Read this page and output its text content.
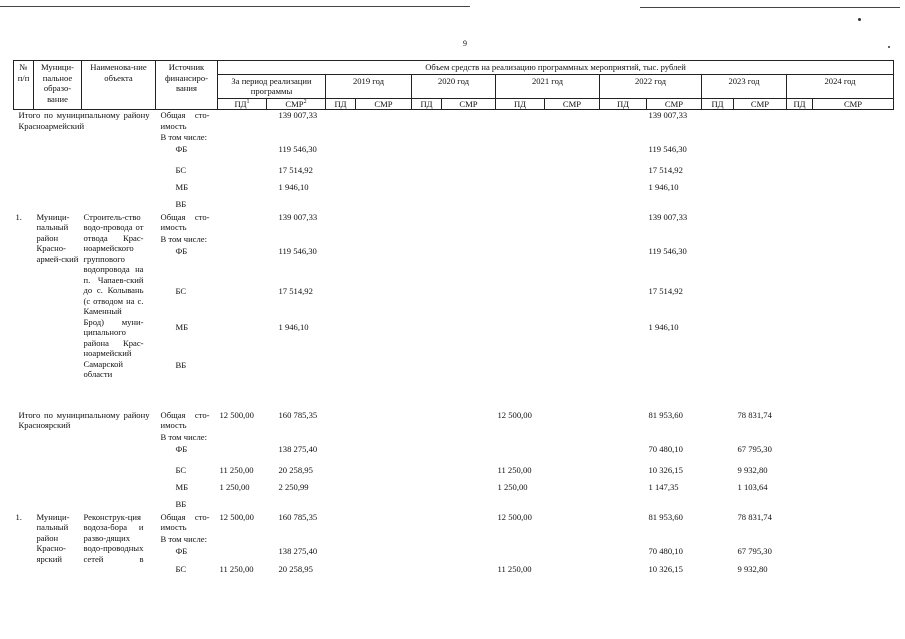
9
№ п/п	Муници-пальное образо-вание	Наименова-ние объекта	Источник финансиро-вания	Объем средств на реализацию программных мероприятий, тыс. рублей													
				За период реализации программы		2019 год		2020 год		2021 год		2022 год		2023 год		2024 год	
				$ПД^1$	СМР$^2$	ПД	СМР	ПД	СМР	ПД	СМР	ПД	СМР	ПД	СМР	ПД	СМР
Итого по муниципальному району Красноармейский			Общая сто-имость		139 007,33								139 007,33				
			В том числе:														
			ФБ		119 546,30								119 546,30				
			БС		17 514,92								17 514,92				
			МБ		1 946,10								1 946,10				
			ВБ														
1.	Муници-пальный район Красно-армей-ский	Строитель-ство водо-провода от отвода Крас-ноармейского группового водопровода на п. Чапаев-ский до с. Колывань (с отводом на с. Каменный Брод) муни-ципального района Крас-ноармейский Самарской области	Общая сто-имость		139 007,33								139 007,33				
			В том числе:														
			ФБ		119 546,30								119 546,30				
			БС		17 514,92								17 514,92				
			МБ		1 946,10								1 946,10				
			ВБ														
Итого по муниципальному району Красноярский			Общая сто-имость	12 500,00	160 785,35					12 500,00			81 953,60		78 831,74		
			В том числе:														
			ФБ		138 275,40								70 480,10		67 795,30		
			БС	11 250,00	20 258,95					11 250,00			10 326,15		9 932,80		
			МБ	1 250,00	2 250,99					1 250,00			1 147,35		1 103,64		
			ВБ														
1.	Муници-пальный район Красно-ярский	Реконструк-ция водоза-бора и разво-дящих водо-проводных сетей в	Общая сто-имость	12 500,00	160 785,35					12 500,00			81 953,60		78 831,74		
			В том числе:														
			ФБ		138 275,40								70 480,10		67 795,30		
			БС	11 250,00	20 258,95					11 250,00			10 326,15		9 932,80		
